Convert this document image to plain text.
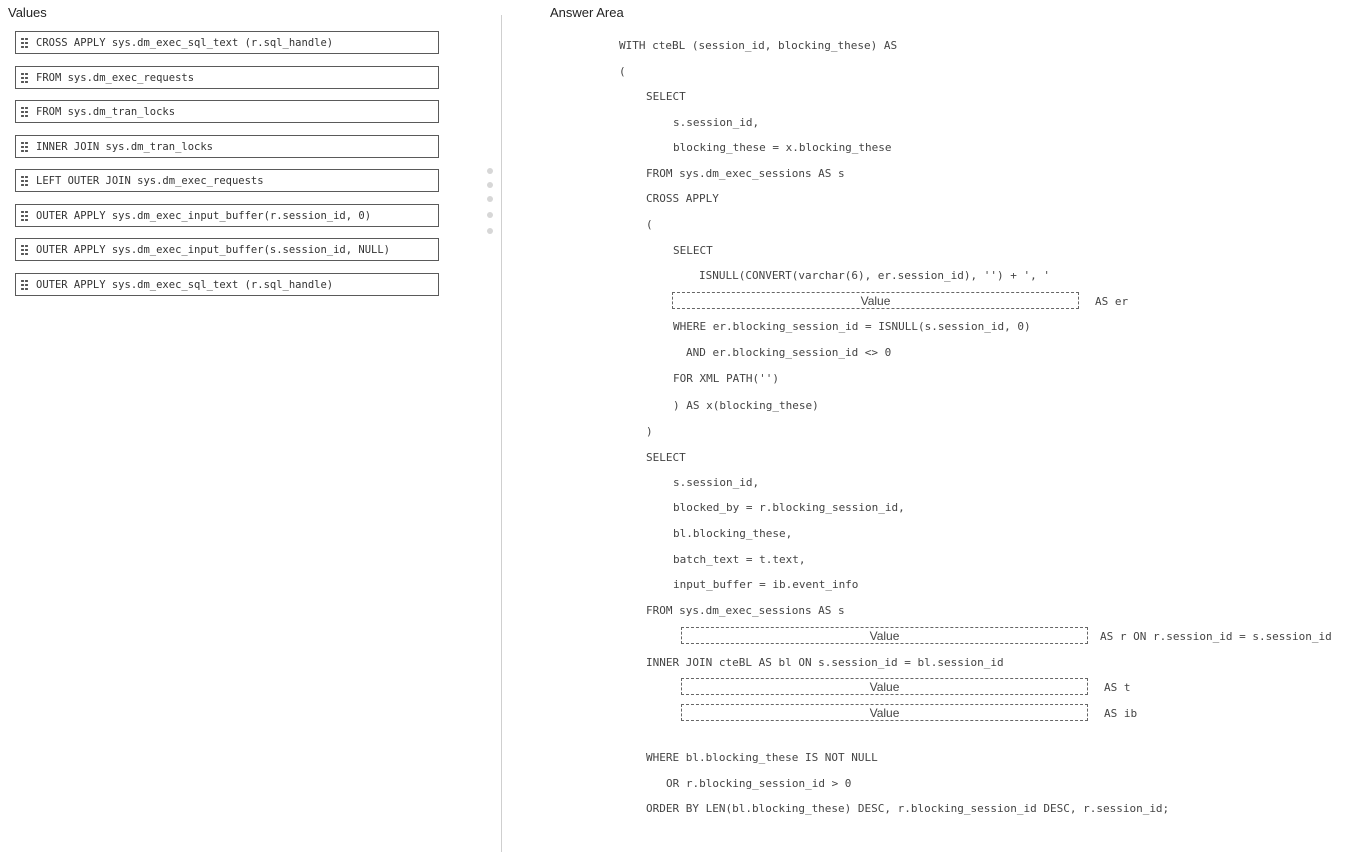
Values
CROSS APPLY sys.dm_exec_sql_text (r.sql_handle)
FROM sys.dm_exec_requests
FROM sys.dm_tran_locks
INNER JOIN sys.dm_tran_locks
LEFT OUTER JOIN sys.dm_exec_requests
OUTER APPLY sys.dm_exec_input_buffer(r.session_id, 0)
OUTER APPLY sys.dm_exec_input_buffer(s.session_id, NULL)
OUTER APPLY sys.dm_exec_sql_text (r.sql_handle)
Answer Area
WITH cteBL (session_id, blocking_these) AS
(
SELECT
s.session_id,
blocking_these = x.blocking_these
FROM sys.dm_exec_sessions AS s
CROSS APPLY
(
SELECT
ISNULL(CONVERT(varchar(6), er.session_id), '') + ', '
Value	AS er
WHERE er.blocking_session_id = ISNULL(s.session_id, 0)
AND er.blocking_session_id <> 0
FOR XML PATH('')
) AS x(blocking_these)
)
SELECT
s.session_id,
blocked_by = r.blocking_session_id,
bl.blocking_these,
batch_text = t.text,
input_buffer = ib.event_info
FROM sys.dm_exec_sessions AS s
Value	AS r ON r.session_id = s.session_id
INNER JOIN cteBL AS bl ON s.session_id = bl.session_id
Value	AS t
Value	AS ib
WHERE bl.blocking_these IS NOT NULL
OR r.blocking_session_id > 0
ORDER BY LEN(bl.blocking_these) DESC, r.blocking_session_id DESC, r.session_id;
